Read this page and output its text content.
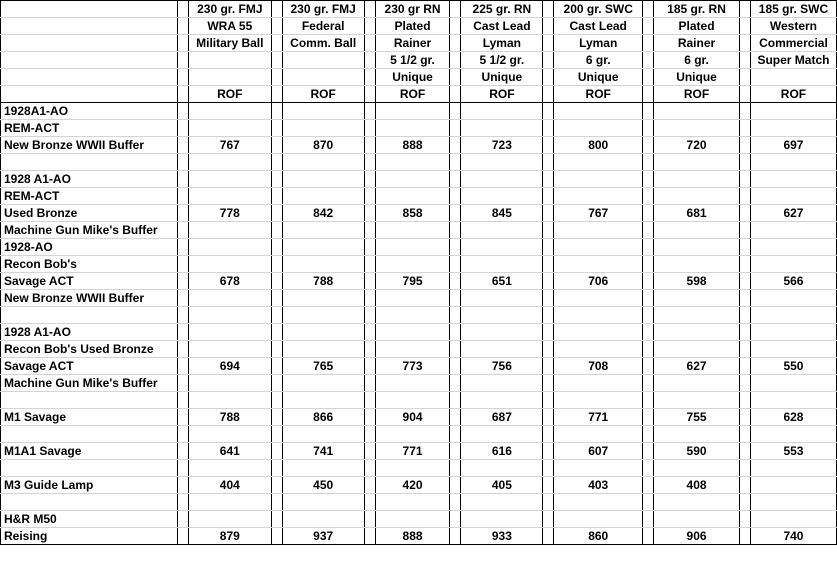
		230 gr. FMJ		230 gr. FMJ		230 gr RN		225 gr. RN		200 gr. SWC		185 gr. RN		185 gr. SWC
		WRA 55		Federal		Plated		Cast Lead		Cast Lead		Plated		Western
		Military Ball		Comm. Ball		Rainer		Lyman		Lyman		Rainer		Commercial
						5 1/2 gr.		5 1/2 gr.		6 gr.		6 gr.		Super Match
						Unique		Unique		Unique		Unique		
		ROF		ROF		ROF		ROF		ROF		ROF		ROF
1928A1-AO														
REM-ACT														
New Bronze WWII Buffer		767		870		888		723		800		720		697

1928 A1-AO														
REM-ACT														
Used Bronze		778		842		858		845		767		681		627
Machine Gun Mike's Buffer														
1928-AO														
Recon Bob's														
Savage ACT		678		788		795		651		706		598		566
New Bronze WWII Buffer														

1928 A1-AO														
Recon Bob's Used Bronze														
Savage ACT		694		765		773		756		708		627		550
Machine Gun Mike's Buffer														

M1 Savage		788		866		904		687		771		755		628

M1A1 Savage		641		741		771		616		607		590		553

M3 Guide Lamp		404		450		420		405		403		408		

H&R M50														
Reising		879		937		888		933		860		906		740
